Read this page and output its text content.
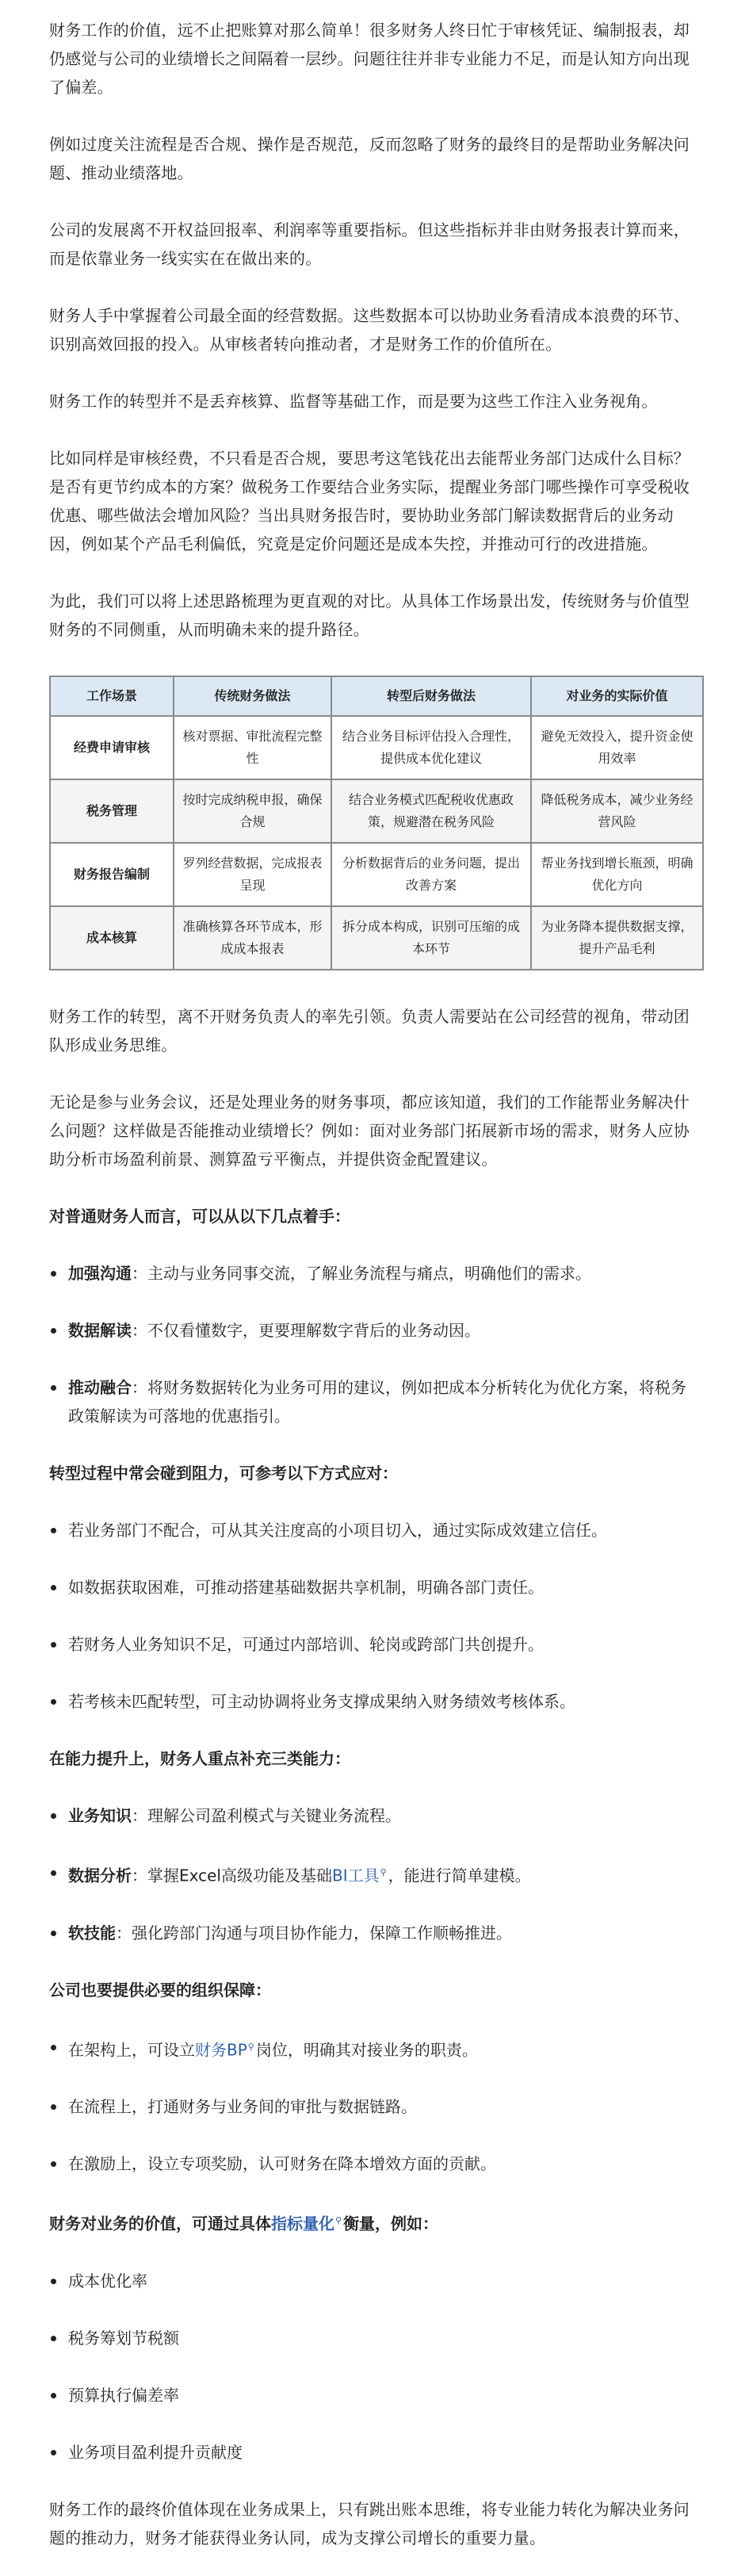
财务工作的价值，远不止把账算对那么简单！很多财务人终日忙于审核凭证、编制报表，却仍感觉与公司的业绩增长之间隔着一层纱。问题往往并非专业能力不足，而是认知方向出现了偏差。

例如过度关注流程是否合规、操作是否规范，反而忽略了财务的最终目的是帮助业务解决问题、推动业绩落地。

公司的发展离不开权益回报率、利润率等重要指标。但这些指标并非由财务报表计算而来，而是依靠业务一线实实在在做出来的。

财务人手中掌握着公司最全面的经营数据。这些数据本可以协助业务看清成本浪费的环节、识别高效回报的投入。从审核者转向推动者，才是财务工作的价值所在。

财务工作的转型并不是丢弃核算、监督等基础工作，而是要为这些工作注入业务视角。

比如同样是审核经费，不只看是否合规，要思考这笔钱花出去能帮业务部门达成什么目标？是否有更节约成本的方案？做税务工作要结合业务实际，提醒业务部门哪些操作可享受税收优惠、哪些做法会增加风险？当出具财务报告时，要协助业务部门解读数据背后的业务动因，例如某个产品毛利偏低，究竟是定价问题还是成本失控，并推动可行的改进措施。

为此，我们可以将上述思路梳理为更直观的对比。从具体工作场景出发，传统财务与价值型财务的不同侧重，从而明确未来的提升路径。

工作场景	传统财务做法	转型后财务做法	对业务的实际价值
经费申请审核	核对票据、审批流程完整性	结合业务目标评估投入合理性，提供成本优化建议	避免无效投入，提升资金使用效率
税务管理	按时完成纳税申报，确保合规	结合业务模式匹配税收优惠政策，规避潜在税务风险	降低税务成本，减少业务经营风险
财务报告编制	罗列经营数据，完成报表呈现	分析数据背后的业务问题，提出改善方案	帮业务找到增长瓶颈，明确优化方向
成本核算	准确核算各环节成本，形成成本报表	拆分成本构成，识别可压缩的成本环节	为业务降本提供数据支撑，提升产品毛利

财务工作的转型，离不开财务负责人的率先引领。负责人需要站在公司经营的视角，带动团队形成业务思维。

无论是参与业务会议，还是处理业务的财务事项，都应该知道，我们的工作能帮业务解决什么问题？这样做是否能推动业绩增长？例如：面对业务部门拓展新市场的需求，财务人应协助分析市场盈利前景、测算盈亏平衡点，并提供资金配置建议。

对普通财务人而言，可以从以下几点着手：
加强沟通：主动与业务同事交流，了解业务流程与痛点，明确他们的需求。
数据解读：不仅看懂数字，更要理解数字背后的业务动因。
推动融合：将财务数据转化为业务可用的建议，例如把成本分析转化为优化方案，将税务政策解读为可落地的优惠指引。
转型过程中常会碰到阻力，可参考以下方式应对：
若业务部门不配合，可从其关注度高的小项目切入，通过实际成效建立信任。
如数据获取困难，可推动搭建基础数据共享机制，明确各部门责任。
若财务人业务知识不足，可通过内部培训、轮岗或跨部门共创提升。
若考核未匹配转型，可主动协调将业务支撑成果纳入财务绩效考核体系。
在能力提升上，财务人重点补充三类能力：
业务知识：理解公司盈利模式与关键业务流程。
数据分析：掌握Excel高级功能及基础BI工具⚲ ，能进行简单建模。
软技能：强化跨部门沟通与项目协作能力，保障工作顺畅推进。
公司也要提供必要的组织保障：
在架构上，可设立财务BP⚲ 岗位，明确其对接业务的职责。
在流程上，打通财务与业务间的审批与数据链路。
在激励上，设立专项奖励，认可财务在降本增效方面的贡献。
财务对业务的价值，可通过具体指标量化⚲ 衡量，例如：
成本优化率
税务筹划节税额
预算执行偏差率
业务项目盈利提升贡献度

财务工作的最终价值体现在业务成果上，只有跳出账本思维，将专业能力转化为解决业务问题的推动力，财务才能获得业务认同，成为支撑公司增长的重要力量。
